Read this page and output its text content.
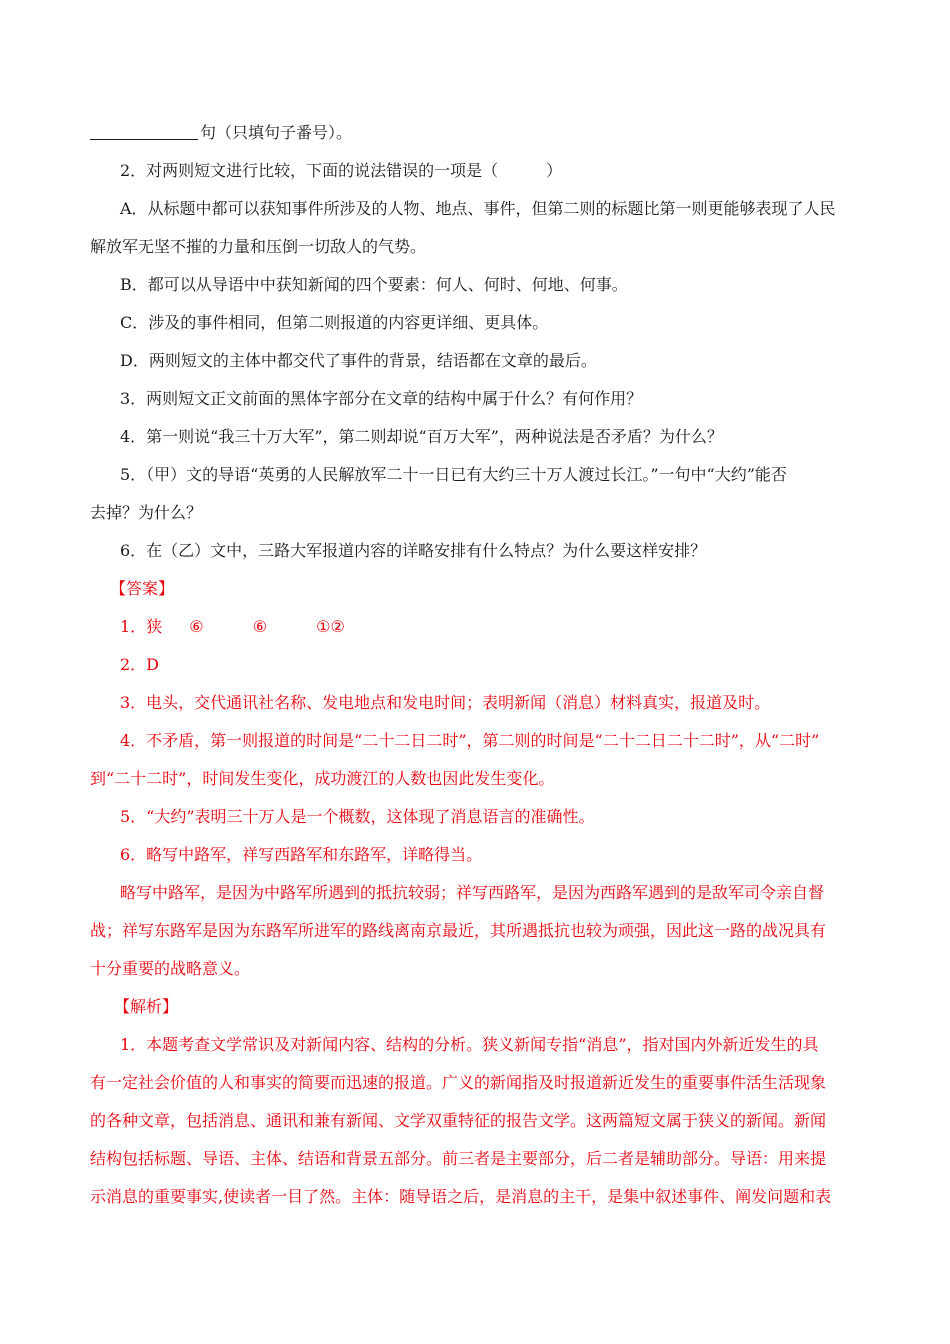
句（只填句子番号）。
2．对两则短文进行比较，下面的说法错误的一项是（　　　）
A．从标题中都可以获知事件所涉及的人物、地点、事件，但第二则的标题比第一则更能够表现了人民
解放军无坚不摧的力量和压倒一切敌人的气势。
B．都可以从导语中中获知新闻的四个要素：何人、何时、何地、何事。
C．涉及的事件相同，但第二则报道的内容更详细、更具体。
D．两则短文的主体中都交代了事件的背景，结语都在文章的最后。
3．两则短文正文前面的黑体字部分在文章的结构中属于什么？有何作用？
4．第一则说“我三十万大军”，第二则却说“百万大军”，两种说法是否矛盾？为什么？
5．（甲）文的导语“英勇的人民解放军二十一日已有大约三十万人渡过长江。”一句中“大约”能否
去掉？为什么？
6．在（乙）文中，三路大军报道内容的详略安排有什么特点？为什么要这样安排？
【答案】
1．狭 ⑥	⑥	①②
2．D
3．电头，交代通讯社名称、发电地点和发电时间；表明新闻（消息）材料真实，报道及时。
4．不矛盾，第一则报道的时间是“二十二日二时”，第二则的时间是“二十二日二十二时”，从“二时”
到“二十二时”，时间发生变化，成功渡江的人数也因此发生变化。
5．“大约”表明三十万人是一个概数，这体现了消息语言的准确性。
6．略写中路军，祥写西路军和东路军，详略得当。
略写中路军，是因为中路军所遇到的抵抗较弱；祥写西路军，是因为西路军遇到的是敌军司令亲自督
战；祥写东路军是因为东路军所进军的路线离南京最近，其所遇抵抗也较为顽强，因此这一路的战况具有
十分重要的战略意义。
【解析】
1．本题考查文学常识及对新闻内容、结构的分析。狭义新闻专指“消息”，指对国内外新近发生的具
有一定社会价值的人和事实的简要而迅速的报道。广义的新闻指及时报道新近发生的重要事件活生活现象
的各种文章，包括消息、通讯和兼有新闻、文学双重特征的报告文学。这两篇短文属于狭义的新闻。新闻
结构包括标题、导语、主体、结语和背景五部分。前三者是主要部分，后二者是辅助部分。导语：用来提
示消息的重要事实,使读者一目了然。主体：随导语之后，是消息的主干，是集中叙述事件、阐发问题和表
